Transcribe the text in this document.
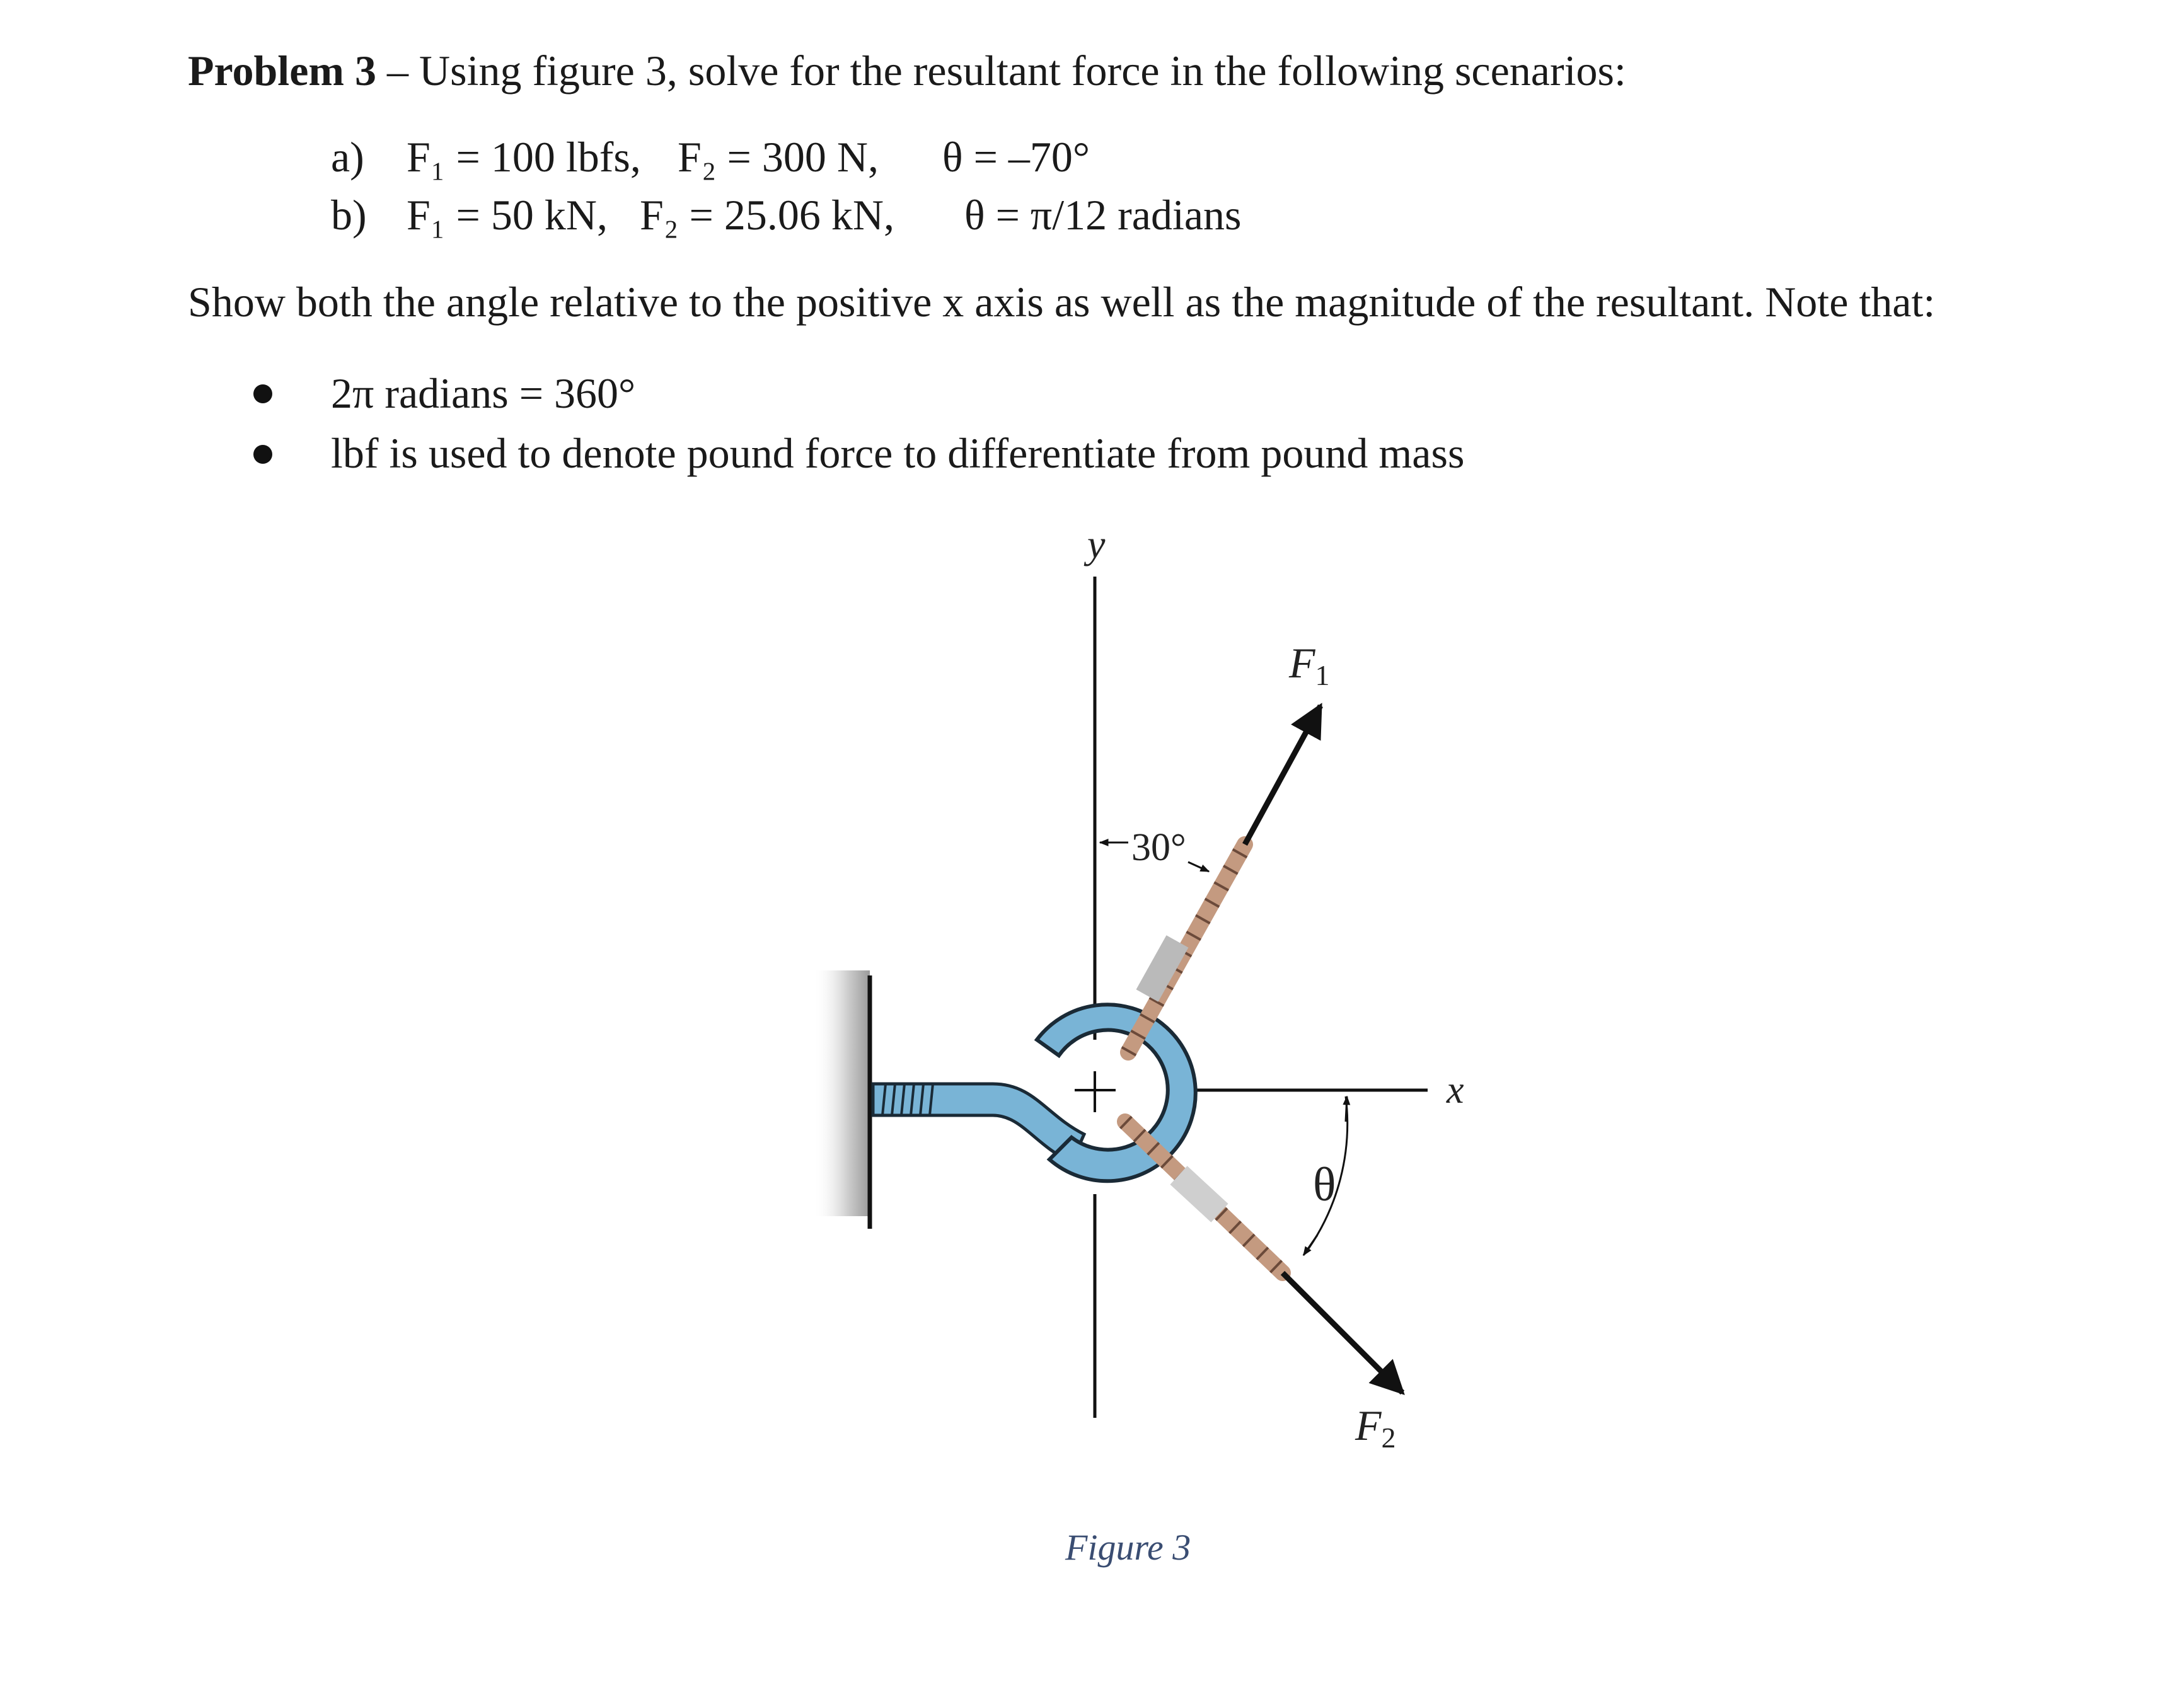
Problem 3 – Using figure 3, solve for the resultant force in the following scenarios:
a) F₁ = 100 lbfs, F₂ = 300 N, θ = –70°
b) F₁ = 50 kN, F₂ = 25.06 kN, θ = π/12 radians
Show both the angle relative to the positive x axis as well as the magnitude of the resultant. Note that:
2π radians = 360°
lbf is used to denote pound force to differentiate from pound mass
y
x
F1
F2
30°
θ
Figure 3
